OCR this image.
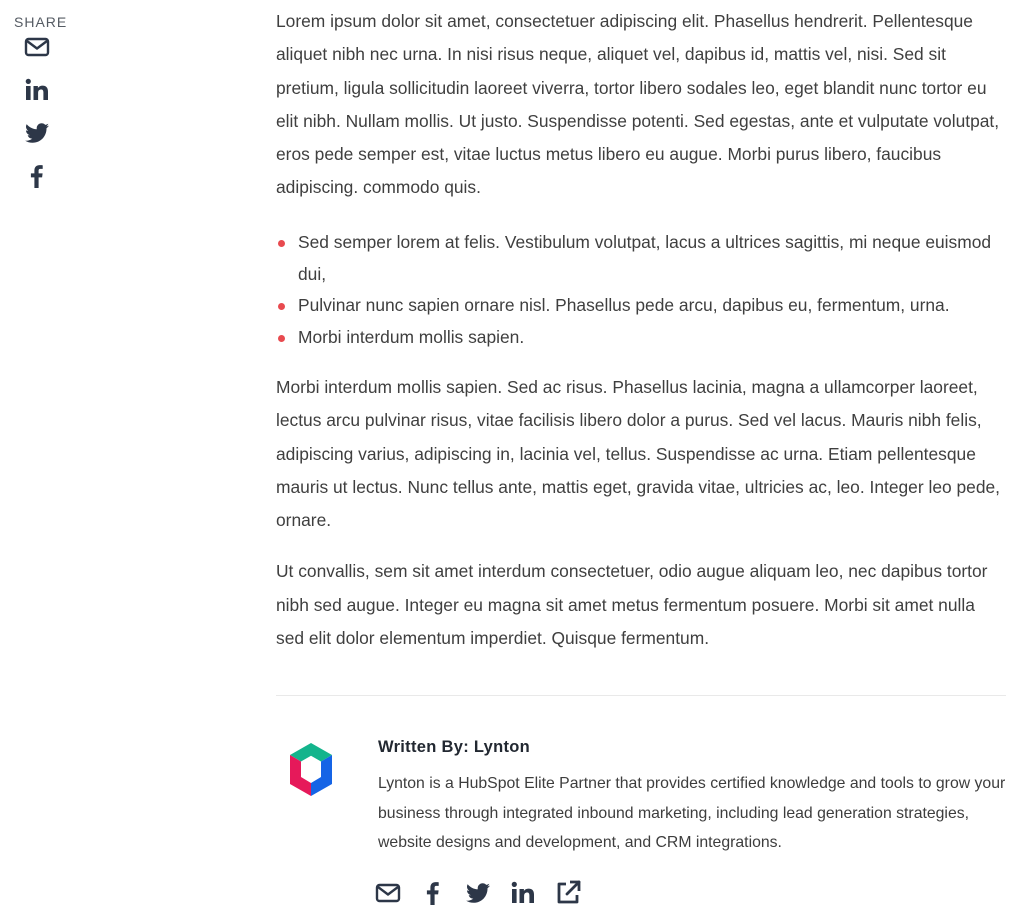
SHARE	Lorem ipsum dolor sit amet, consectetuer adipiscing elit. Phasellus hendrerit. Pellentesque aliquet nibh nec urna. In nisi risus neque, aliquet vel, dapibus id, mattis vel, nisi. Sed sit pretium, ligula sollicitudin laoreet viverra, tortor libero sodales leo, eget blandit nunc tortor eu elit nibh. Nullam mollis. Ut justo. Suspendisse potenti. Sed egestas, ante et vulputate volutpat, eros pede semper est, vitae luctus metus libero eu augue. Morbi purus libero, faucibus adipiscing. commodo quis.

Sed semper lorem at felis. Vestibulum volutpat, lacus a ultrices sagittis, mi neque euismod dui,
Pulvinar nunc sapien ornare nisl. Phasellus pede arcu, dapibus eu, fermentum, urna.
Morbi interdum mollis sapien.

Morbi interdum mollis sapien. Sed ac risus. Phasellus lacinia, magna a ullamcorper laoreet, lectus arcu pulvinar risus, vitae facilisis libero dolor a purus. Sed vel lacus. Mauris nibh felis, adipiscing varius, adipiscing in, lacinia vel, tellus. Suspendisse ac urna. Etiam pellentesque mauris ut lectus. Nunc tellus ante, mattis eget, gravida vitae, ultricies ac, leo. Integer leo pede, ornare.

Ut convallis, sem sit amet interdum consectetuer, odio augue aliquam leo, nec dapibus tortor nibh sed augue. Integer eu magna sit amet metus fermentum posuere. Morbi sit amet nulla sed elit dolor elementum imperdiet. Quisque fermentum.

Written By: Lynton
Lynton is a HubSpot Elite Partner that provides certified knowledge and tools to grow your business through integrated inbound marketing, including lead generation strategies, website designs and development, and CRM integrations.
